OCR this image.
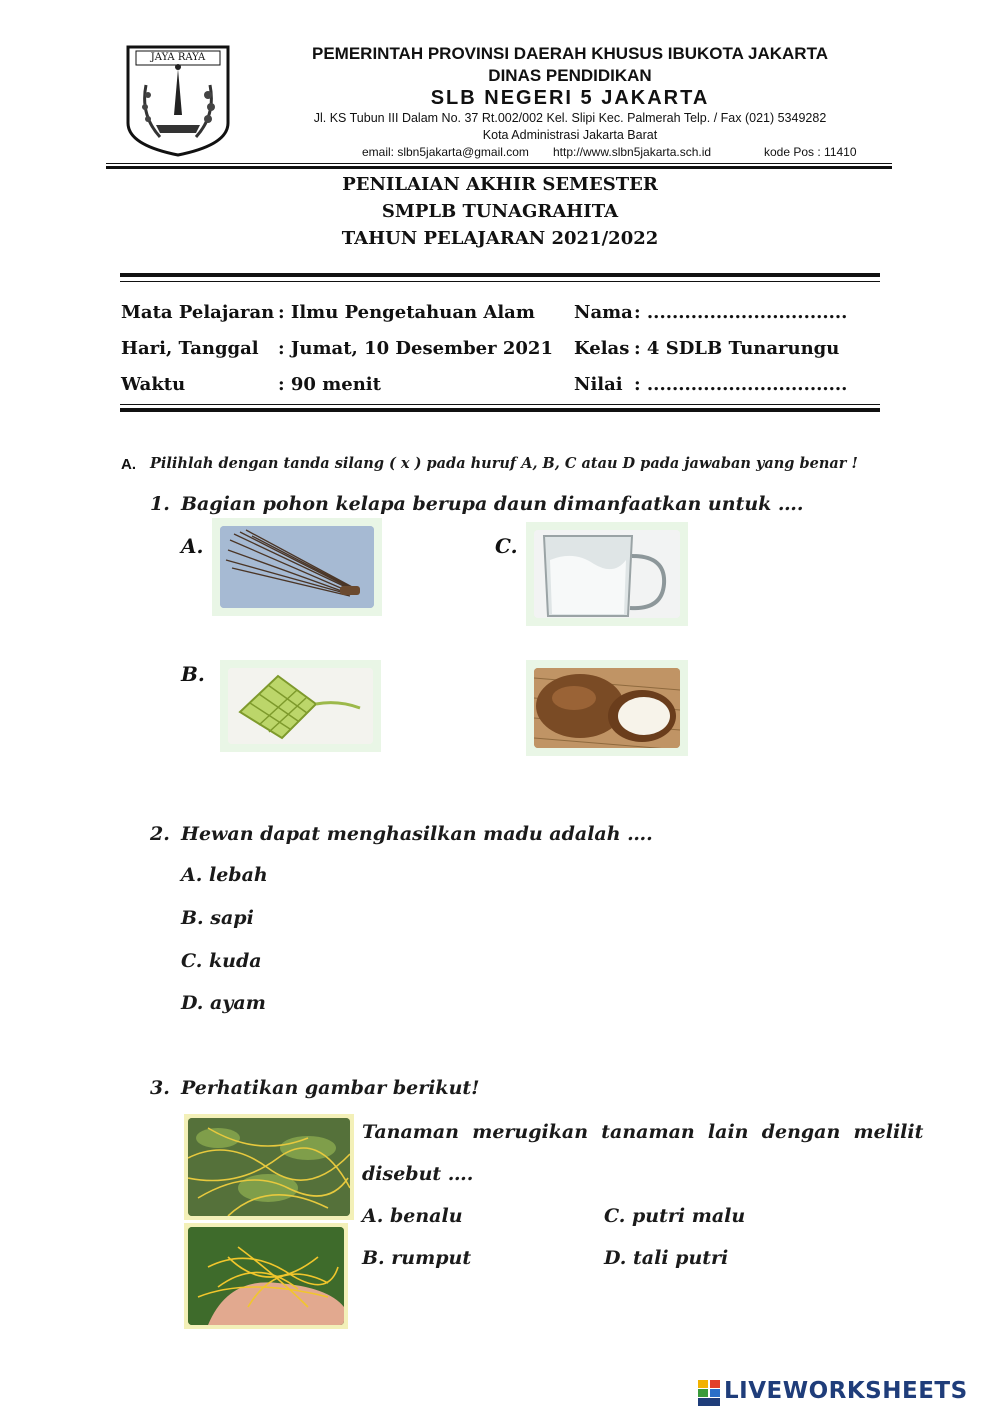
JAYA RAYA	PEMERINTAH PROVINSI DAERAH KHUSUS IBUKOTA JAKARTA
DINAS PENDIDIKAN
SLB NEGERI 5 JAKARTA
Jl. KS Tubun III Dalam No. 37 Rt.002/002 Kel. Slipi Kec. Palmerah Telp. / Fax (021) 5349282
Kota Administrasi Jakarta Barat
email: slbn5jakarta@gmail.com http://www.slbn5jakarta.sch.id	kode Pos : 11410
PENILAIAN AKHIR SEMESTER
SMPLB TUNAGRAHITA
TAHUN PELAJARAN 2021/2022
Mata Pelajaran : Ilmu Pengetahuan Alam Nama : ................................
Hari, Tanggal : Jumat, 10 Desember 2021 Kelas : 4 SDLB Tunarungu
Waktu	: 90 menit	Nilai : ................................
A. Pilihlah dengan tanda silang ( x ) pada huruf A, B, C atau D pada jawaban yang benar !
1. Bagian pohon kelapa berupa daun dimanfaatkan untuk ….
A.	C.
B.
2. Hewan dapat menghasilkan madu adalah ….
A. lebah
B. sapi
C. kuda
D. ayam
3. Perhatikan gambar berikut!
Tanaman  merugikan  tanaman  lain  dengan  melilit
disebut ….
A. benalu	C. putri malu
B. rumput	D. tali putri
LIVE LIVEWORKSHEETS
